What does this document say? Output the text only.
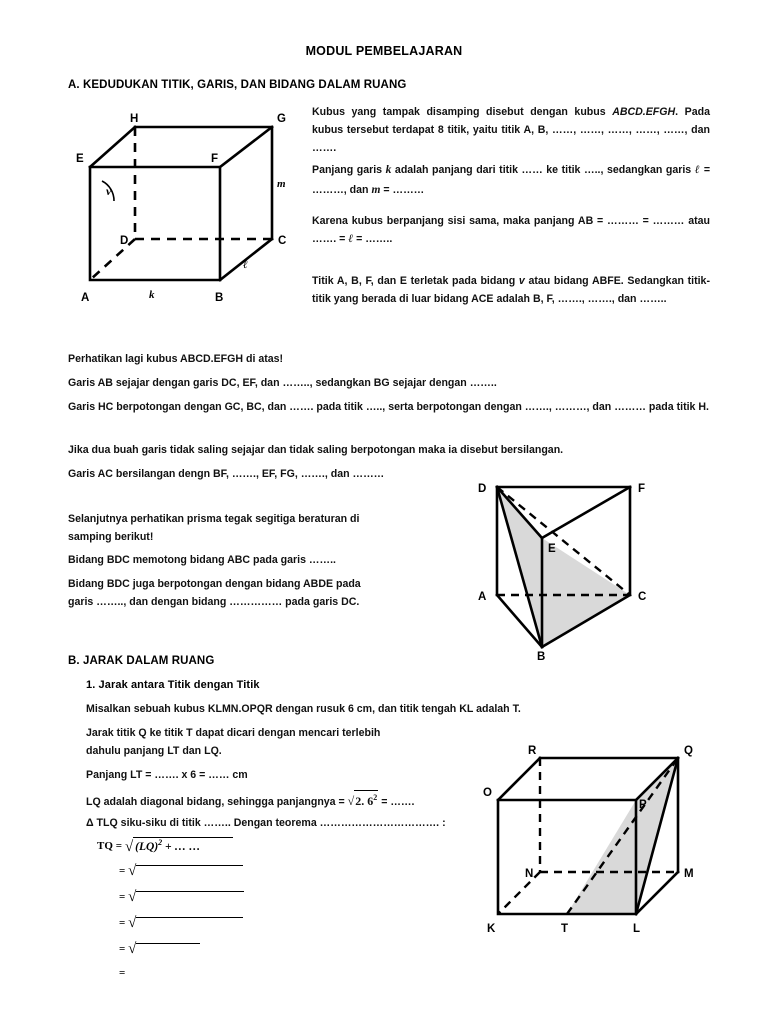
MODUL PEMBELAJARAN
A. KEDUDUKAN TITIK, GARIS, DAN BIDANG DALAM RUANG
v
A	B
C
D
E	F
G
H
k
ℓ
m
Kubus yang tampak disamping disebut dengan kubus ABCD.EFGH. Pada kubus tersebut terdapat 8 titik, yaitu titik A, B, ……, ……, ……, ……, ……, dan …….
Panjang garis k adalah panjang dari titik …… ke titik ….., sedangkan garis ℓ = ………, dan m = ………
Karena kubus berpanjang sisi sama, maka panjang AB = ……… = ……… atau ……. = ℓ = ……..
Titik A, B, F, dan E terletak pada bidang v atau bidang ABFE. Sedangkan titik-titik yang berada di luar bidang ACE adalah B, F, ……., ……., dan ……..
Perhatikan lagi kubus ABCD.EFGH di atas!
Garis AB sejajar dengan garis DC, EF, dan …….., sedangkan BG sejajar dengan ……..
Garis HC berpotongan dengan GC, BC, dan ……. pada titik ….., serta berpotongan dengan ……., ………, dan ……… pada titik H.
Jika dua buah garis tidak saling sejajar dan tidak saling berpotongan maka ia disebut bersilangan.
Garis AC bersilangan dengn BF, ……., EF, FG, ……., dan ………
Selanjutnya perhatikan prisma tegak segitiga beraturan di samping berikut!
Bidang BDC memotong bidang ABC pada garis ……..
Bidang BDC juga berpotongan dengan bidang ABDE pada garis …….., dan dengan bidang …………… pada garis DC.
D	F
E
A	C
B
B. JARAK DALAM RUANG
1. Jarak antara Titik dengan Titik
Misalkan sebuah kubus KLMN.OPQR dengan rusuk 6 cm, dan titik tengah KL adalah T.
Jarak titik Q ke titik T dapat dicari dengan mencari terlebih dahulu panjang LT dan LQ.
Panjang LT = ……. x 6 = …… cm
LQ adalah diagonal bidang, sehingga panjangnya = √2. $6^2$ = …….
Δ TLQ siku-siku di titik …….. Dengan teorema ……………………………. :
TQ = √ (LQ)$^2$ + … …
= √
= √
= √
= √
=
K	T	L
M
N
O
P
Q
R
